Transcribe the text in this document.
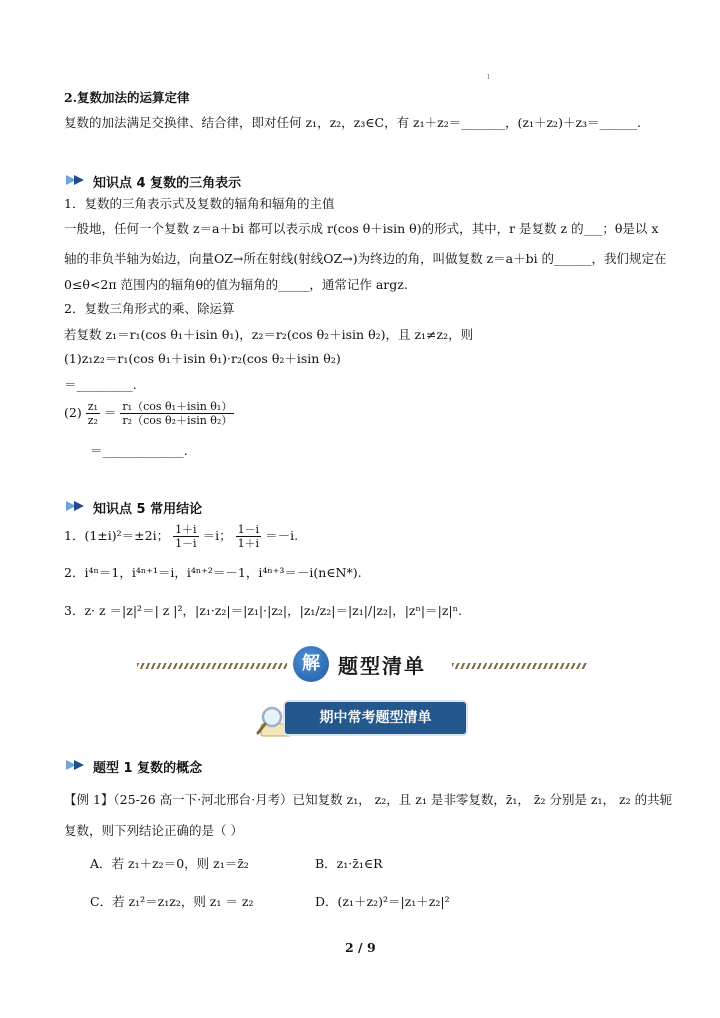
ı
2.复数加法的运算定律
复数的加法满足交换律、结合律，即对任何 z₁，z₂，z₃∈C，有 z₁＋z₂＝_______，(z₁＋z₂)＋z₃＝______.
知识点 4 复数的三角表示
1．复数的三角表示式及复数的辐角和辐角的主值
一般地，任何一个复数 z＝a＋bi 都可以表示成 r(cos θ＋isin θ)的形式，其中，r 是复数 z 的___；θ是以 x
轴的非负半轴为始边，向量OZ→所在射线(射线OZ→)为终边的角，叫做复数 z＝a＋bi 的______，我们规定在
0≤θ<2π 范围内的辐角θ的值为辐角的_____，通常记作 argz.
2．复数三角形式的乘、除运算
若复数 z₁＝r₁(cos θ₁＋isin θ₁)，z₂＝r₂(cos θ₂＋isin θ₂)，且 z₁≠z₂，则
(1)z₁z₂＝r₁(cos θ₁＋isin θ₁)·r₂(cos θ₂＋isin θ₂)
＝_________.
$(2) \frac{\text{z₁}}{\text{z₂}} = \frac{\text{r₁（cos θ₁＋isin θ₁）}}{\text{r₂（cos θ₂＋isin θ₂）}}$
＝_____________.
知识点 5 常用结论
1．(1±i)²＝±2i； $\frac{1+i}{1-i} =i$； $\frac{1-i}{1+i} =-i$.
2．i⁴ⁿ＝1，i⁴ⁿ⁺¹＝i，i⁴ⁿ⁺²＝－1，i⁴ⁿ⁺³＝－i(n∈N*).
3．z· z ＝|z|²＝| z |²，|z₁·z₂|＝|z₁|·|z₂|，|z₁/z₂|＝|z₁|/|z₂|，|zⁿ|＝|z|ⁿ.
解 题型清单
期中常考题型清单
题型 1 复数的概念
【例 1】（25-26 高一下·河北邢台·月考）已知复数 z₁， z₂，且 z₁ 是非零复数，z̄₁， z̄₂ 分别是 z₁， z₂ 的共轭
复数，则下列结论正确的是（ ）
A．若 z₁＋z₂＝0，则 z₁＝z̄₂	B．z₁·z̄₁∈R
C．若 z₁²＝z₁z₂，则 z₁ ＝ z₂	D．(z₁＋z₂)²＝|z₁＋z₂|²
2 / 9
